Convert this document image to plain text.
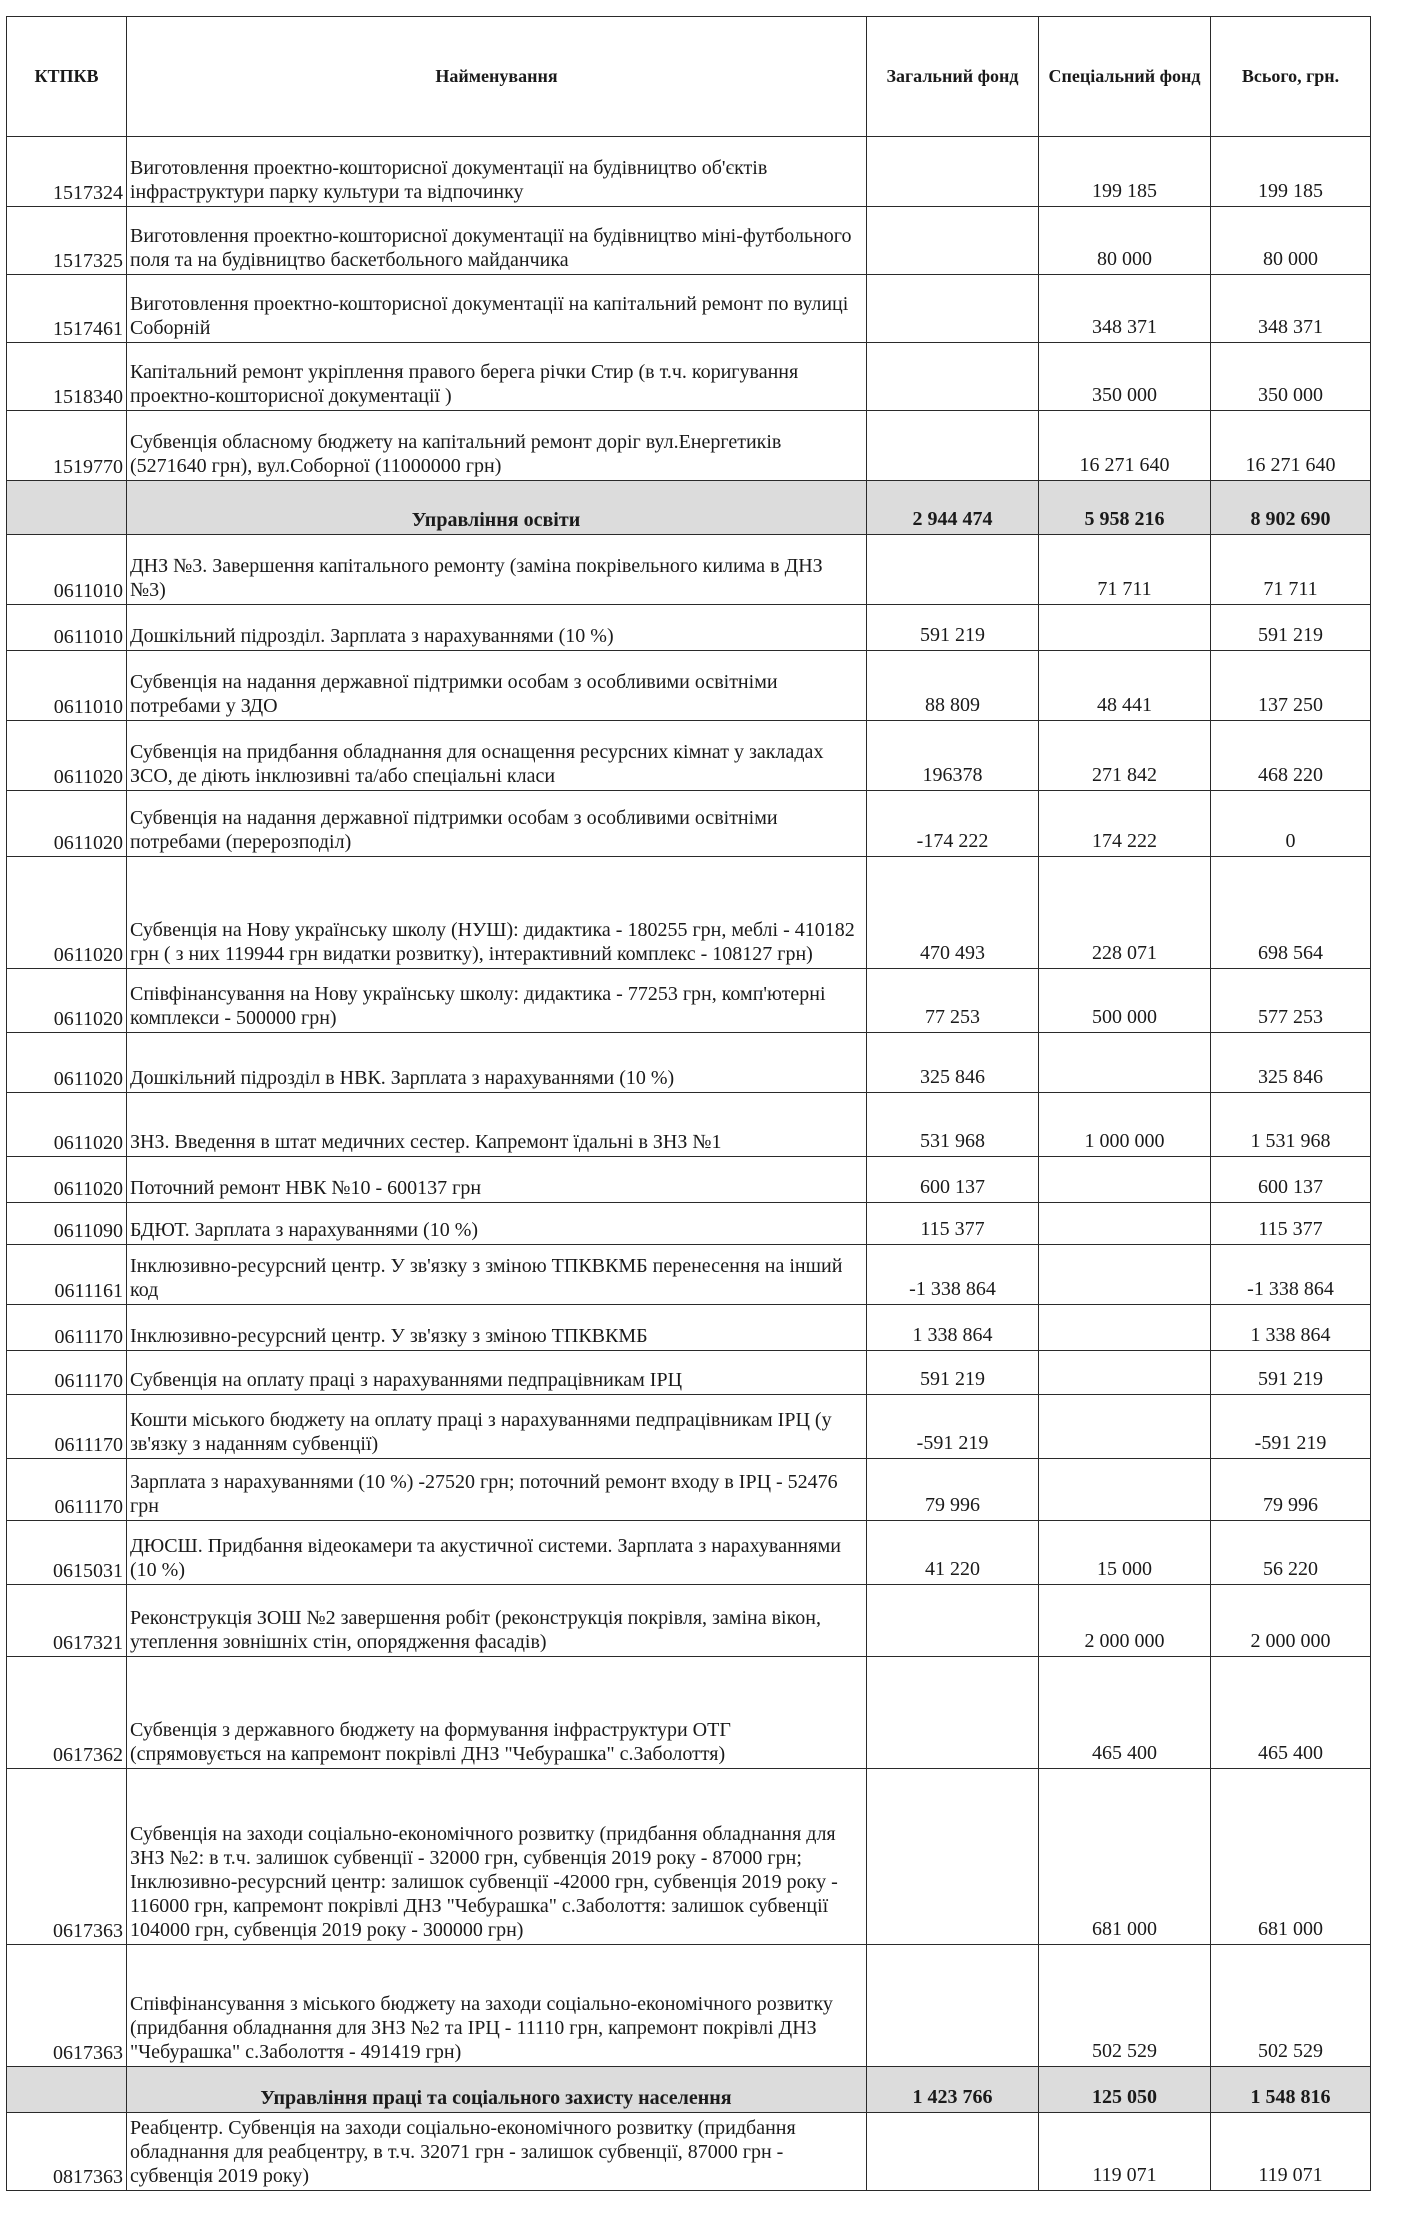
КТПКВ	Найменування	Загальний фонд	Спеціальний фонд	Всього, грн.
1517324	Виготовлення проектно-кошторисної документації на будівництво об'єктів інфраструктури парку культури та відпочинку		199 185	199 185
1517325	Виготовлення проектно-кошторисної документації на будівництво міні-футбольного поля та на будівництво баскетбольного майданчика		80 000	80 000
1517461	Виготовлення проектно-кошторисної документації на капітальний ремонт по вулиці Соборній		348 371	348 371
1518340	Капітальний ремонт укріплення правого берега річки Стир (в т.ч. коригування проектно-кошторисної документації )		350 000	350 000
1519770	Субвенція обласному бюджету на капітальний ремонт доріг вул.Енергетиків (5271640 грн), вул.Соборної (11000000 грн)		16 271 640	16 271 640
	Управління освіти	2 944 474	5 958 216	8 902 690
0611010	ДНЗ №3. Завершення капітального ремонту (заміна покрівельного килима в ДНЗ №3)		71 711	71 711
0611010	Дошкільний підрозділ. Зарплата з нарахуваннями (10 %)	591 219		591 219
0611010	Субвенція на надання державної підтримки особам з особливими освітніми потребами у ЗДО	88 809	48 441	137 250
0611020	Субвенція на придбання обладнання для оснащення ресурсних кімнат у закладах ЗСО, де діють інклюзивні та/або спеціальні класи	196378	271 842	468 220
0611020	Субвенція на надання державної підтримки особам з особливими освітніми потребами (перерозподіл)	-174 222	174 222	0
0611020	Субвенція на Нову українську школу (НУШ): дидактика - 180255 грн, меблі - 410182 грн ( з них 119944 грн видатки розвитку), інтерактивний комплекс - 108127 грн)	470 493	228 071	698 564
0611020	Співфінансування на Нову українську школу: дидактика - 77253 грн, комп'ютерні комплекси - 500000 грн)	77 253	500 000	577 253
0611020	Дошкільний підрозділ в НВК. Зарплата з нарахуваннями (10 %)	325 846		325 846
0611020	ЗНЗ. Введення в штат медичних сестер. Капремонт їдальні в ЗНЗ №1	531 968	1 000 000	1 531 968
0611020	Поточний ремонт НВК №10 - 600137 грн	600 137		600 137
0611090	БДЮТ. Зарплата з нарахуваннями (10 %)	115 377		115 377
0611161	Інклюзивно-ресурсний центр. У зв'язку з зміною ТПКВКМБ перенесення на інший код	-1 338 864		-1 338 864
0611170	Інклюзивно-ресурсний центр. У зв'язку з зміною ТПКВКМБ	1 338 864		1 338 864
0611170	Субвенція на оплату праці з нарахуваннями педпрацівникам ІРЦ	591 219		591 219
0611170	Кошти міського бюджету на оплату праці з нарахуваннями педпрацівникам ІРЦ (у зв'язку з наданням субвенції)	-591 219		-591 219
0611170	Зарплата з нарахуваннями (10 %) -27520 грн; поточний ремонт входу в ІРЦ - 52476 грн	79 996		79 996
0615031	ДЮСШ. Придбання відеокамери та акустичної системи. Зарплата з нарахуваннями (10 %)	41 220	15 000	56 220
0617321	Реконструкція ЗОШ №2 завершення робіт (реконструкція покрівля, заміна вікон, утеплення зовнішніх стін, опорядження фасадів)		2 000 000	2 000 000
0617362	Субвенція з державного бюджету на формування інфраструктури ОТГ (спрямовується на капремонт покрівлі ДНЗ "Чебурашка" с.Заболоття)		465 400	465 400
0617363	Субвенція на заходи соціально-економічного розвитку (придбання обладнання для ЗНЗ №2: в т.ч. залишок субвенції - 32000 грн, субвенція 2019 року - 87000 грн; Інклюзивно-ресурсний центр: залишок субвенції -42000 грн, субвенція 2019 року - 116000 грн, капремонт покрівлі ДНЗ "Чебурашка" с.Заболоття: залишок субвенції 104000 грн, субвенція 2019 року - 300000 грн)		681 000	681 000
0617363	Співфінансування з міського бюджету на заходи соціально-економічного розвитку (придбання обладнання для ЗНЗ №2 та ІРЦ - 11110 грн, капремонт покрівлі ДНЗ "Чебурашка" с.Заболоття - 491419 грн)		502 529	502 529
	Управління праці та соціального захисту населення	1 423 766	125 050	1 548 816
0817363	Реабцентр. Субвенція на заходи соціально-економічного розвитку (придбання обладнання для реабцентру, в т.ч. 32071 грн - залишок субвенції, 87000 грн - субвенція 2019 року)		119 071	119 071
